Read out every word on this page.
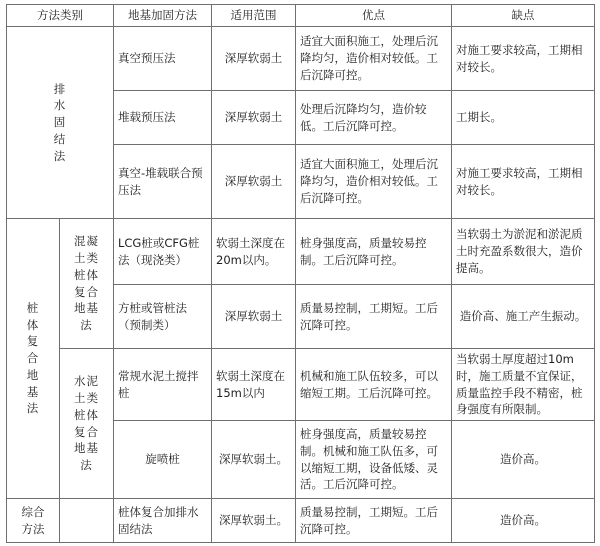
方法类别		地基加固方法	适用范围	优点	缺点

排水固结法		真空预压法	深厚软弱土	适宜大面积施工，处理后沉降均匀，造价相对较低。工后沉降可控。	对施工要求较高，工期相对较长。
		堆载预压法	深厚软弱土	处理后沉降均匀，造价较低。工后沉降可控。	工期长。
		真空-堆载联合预压法	深厚软弱土	适宜大面积施工，处理后沉降均匀，造价相对较低。工后沉降可控。	对施工要求较高，工期相对较长。

桩体复合地基法	混凝土类桩体复合地基法	LCG桩或CFG桩法（现浇类）	软弱土深度在20m以内。	桩身强度高，质量较易控制。工后沉降可控。	当软弱土为淤泥和淤泥质土时充盈系数很大，造价提高。
		方桩或管桩法（预制类）	深厚软弱土	质量易控制，工期短。工后沉降可控。	造价高、施工产生振动。

	水泥土类桩体复合地基法	常规水泥土搅拌桩	软弱土深度在15m以内	机械和施工队伍较多，可以缩短工期。工后沉降可控。	当软弱土厚度超过10m时，施工质量不宜保证，质量监控手段不精密，桩身强度有所限制。
		旋喷桩	深厚软弱土。	桩身强度高，质量较易控制。机械和施工队伍多，可以缩短工期，设备低矮、灵活。工后沉降可控。	造价高。

综合方法		桩体复合加排水固结法	深厚软弱土。	质量易控制，工期短。工后沉降可控。	造价高。
